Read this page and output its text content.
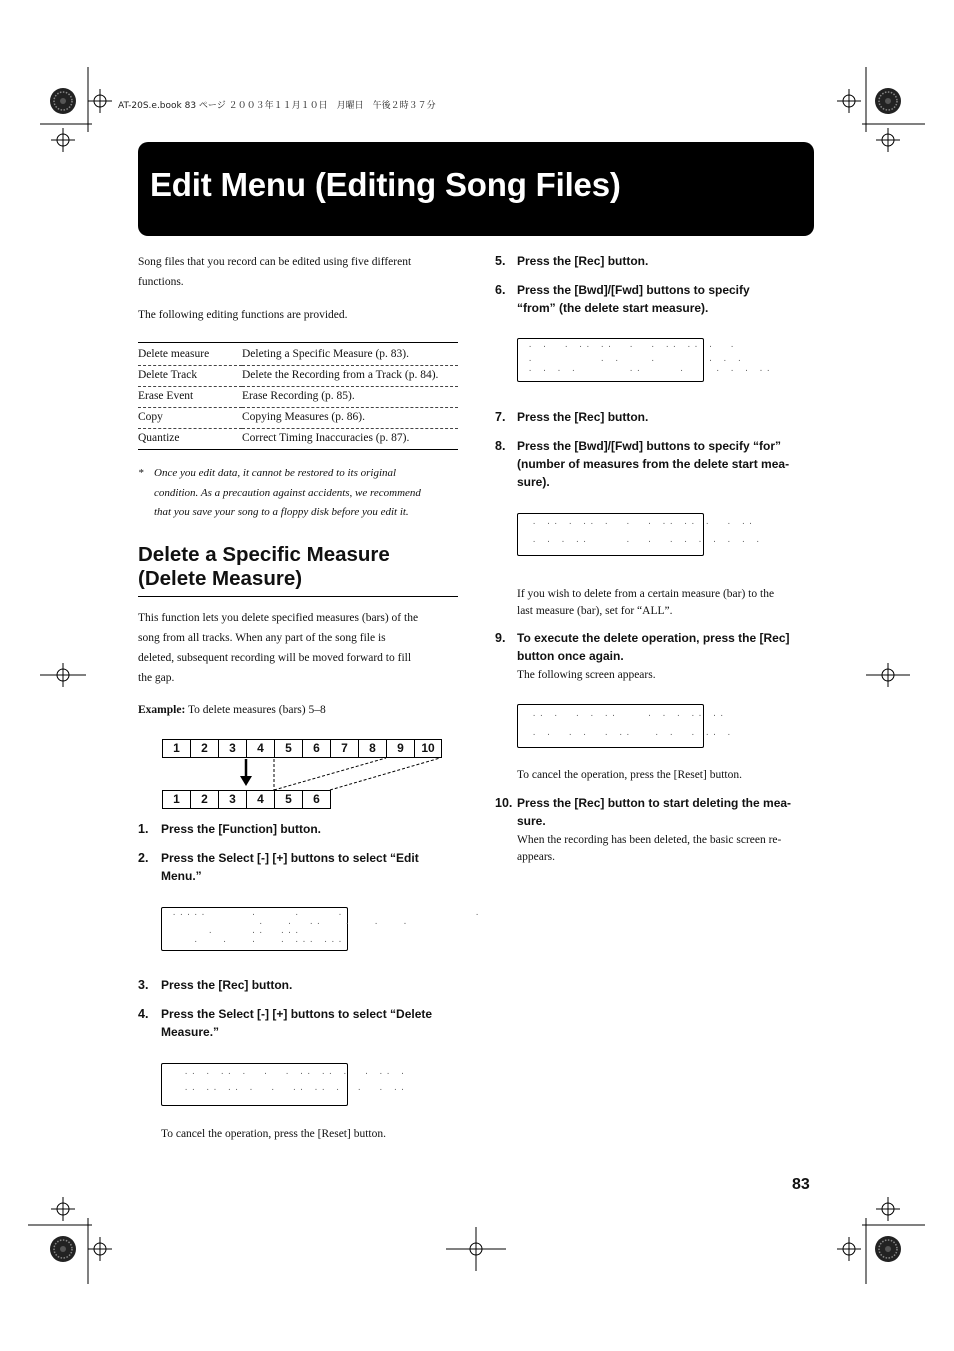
AT-20S.e.book 83 ページ ２００３年１１月１０日　月曜日　午後２時３７分
Edit Menu (Editing Song Files)
Song files that you record can be edited using five different
functions.
The following editing functions are provided.
Delete measure	Deleting a Specific Measure (p. 83).
Delete Track	Delete the Recording from a Track (p. 84).
Erase Event	Erase Recording (p. 85).
Copy	Copying Measures (p. 86).
Quantize	Correct Timing Inaccuracies (p. 87).
* Once you edit data, it cannot be restored to its original
condition. As a precaution against accidents, we recommend
that you save your song to a floppy disk before you edit it.
Delete a Specific Measure
(Delete Measure)
This function lets you delete specified measures (bars) of the
song from all tracks. When any part of the song file is
deleted, subsequent recording will be moved forward to fill
the gap.
Example: To delete measures (bars) 5–8
1	2	3	4	5	6	7	8	9	10
1	2	3	4	5	6
1.	Press the [Function] button.
2.	Press the Select [-] [+] buttons to select “Edit
Menu.”
·····      ·     ·     ·                  ·
·   ·  ··   ·   ·   ·
·     ··  ···
·   ·   ·   · ··· ···
3.	Press the [Rec] button.
4.	Press the Select [-] [+] buttons to select “Delete
Measure.”
·· · ·· ·  ·  · ·· ·· ·  · ·· ·
·· ·· ·· ·  ·  ·· ·· ·  ·  · ··
To cancel the operation, press the [Reset] button.
5. Press the [Rec] button.
6. Press the [Bwd]/[Fwd] buttons to specify
“from” (the delete start measure).
· ·  · ·· ··  ·  · ·· ·· ·  ·
·         · ·    ·       · · ·
· · · ·       ··     ·    · · · ··
7. Press the [Rec] button.
8. Press the [Bwd]/[Fwd] buttons to specify “for”
(number of measures from the delete start mea-
sure).
· ·· · ·· ·  ·  · ·· ·· ·  · ··
· · · ··     ·  ·  · · · · · · ·
If you wish to delete from a certain measure (bar) to the
last measure (bar), set for “ALL”.
9. To execute the delete operation, press the [Rec]
button once again.
The following screen appears.
·· ·  · · ··    · · · ·· ··
· ·  · ·  · ··   · ·  · ·· ·
To cancel the operation, press the [Reset] button.
10. Press the [Rec] button to start deleting the mea-
sure.
When the recording has been deleted, the basic screen re-
appears.
83
